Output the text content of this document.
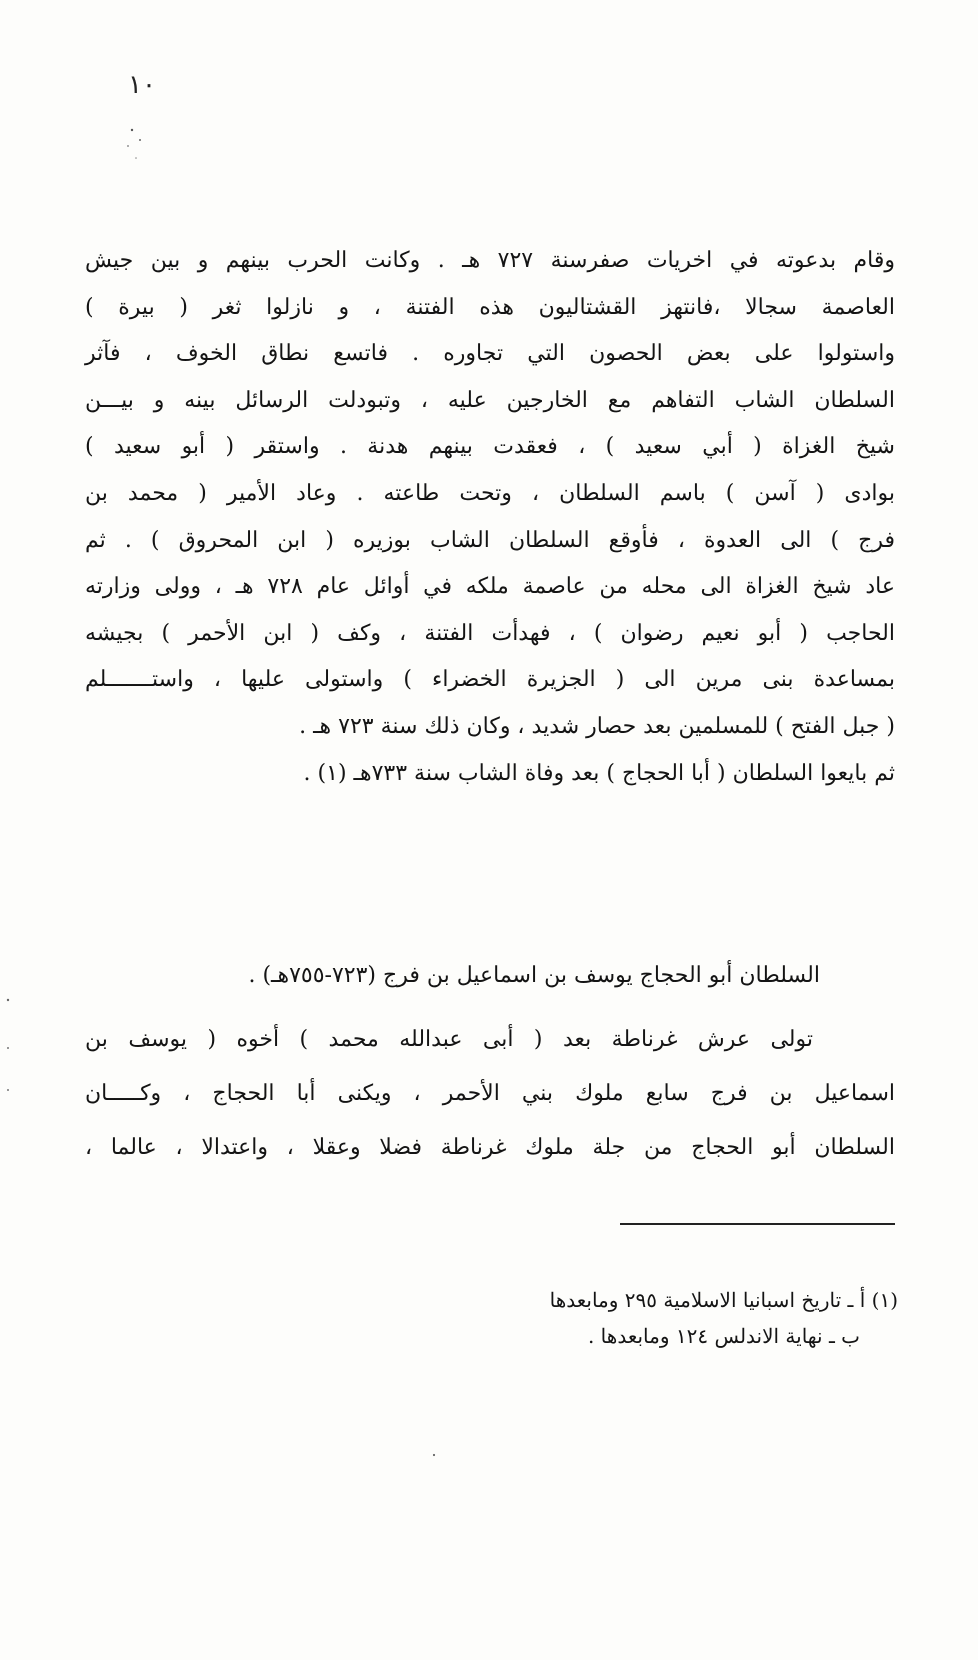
١٠
وقام بدعوته في اخريات صفرسنة ٧٢٧ هـ . وكانت الحرب بينهم و بين جيش
العاصمة سجالا ،فانتهز القشتاليون هذه الفتنة ، و نازلوا ثغر ( بيرة )
واستولوا على بعض الحصون التي تجاوره . فاتسع نطاق الخوف ، فآثر
السلطان الشاب التفاهم مع الخارجين عليه ، وتبودلت الرسائل بينه و بيـــن
شيخ الغزاة ( أبي سعيد ) ، فعقدت بينهم هدنة . واستقر ( أبو سعيد )
بوادى ( آسن ) باسم السلطان ، وتحت طاعته . وعاد الأمير ( محمد بن
فرج ) الى العدوة ، فأوقع السلطان الشاب بوزيره ( ابن المحروق ) . ثم
عاد شيخ الغزاة الى محله من عاصمة ملكه في أوائل عام ٧٢٨ هـ ، وولى وزارته
الحاجب ( أبو نعيم رضوان ) ، فهدأت الفتنة ، وكف ( ابن الأحمر ) بجيشه
بمساعدة بنى مرين الى ( الجزيرة الخضراء ) واستولى عليها ، واستـــــــلم
( جبل الفتح ) للمسلمين بعد حصار شديد ، وكان ذلك سنة ٧٢٣ هـ .
ثم بايعوا السلطان ( أبا الحجاج ) بعد وفاة الشاب سنة ٧٣٣هـ (١) .
السلطان أبو الحجاج يوسف بن اسماعيل بن فرج (٧٢٣-٧٥٥هـ) .
تولى عرش غرناطة بعد ( أبى عبدالله محمد ) أخوه ( يوسف بن
اسماعيل بن فرج سابع ملوك بني الأحمر ، ويكنى أبا الحجاج ، وكـــــان
السلطان أبو الحجاج من جلة ملوك غرناطة فضلا وعقلا ، واعتدالا ، عالما ،
(١) أ ـ تاريخ اسبانيا الاسلامية ٢٩٥ ومابعدها
ب ـ نهاية الاندلس ١٢٤ ومابعدها .
